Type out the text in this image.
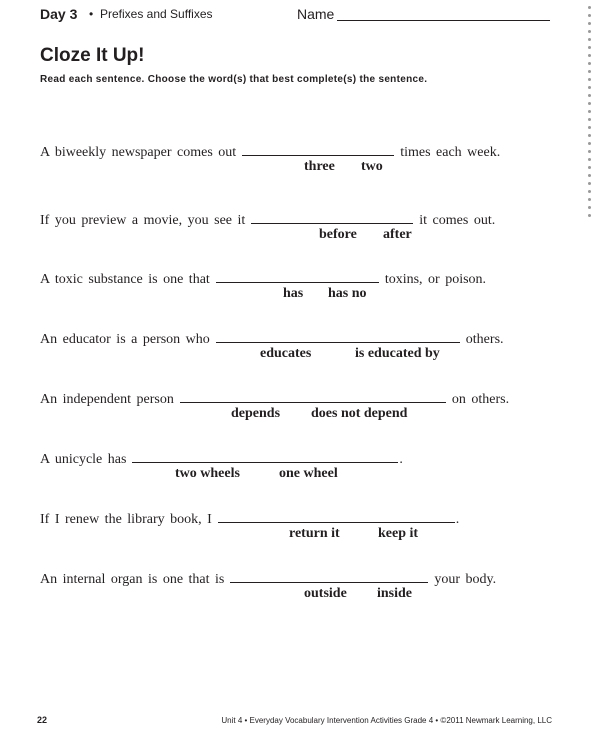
Day 3 • Prefixes and Suffixes	Name
Cloze It Up!
Read each sentence. Choose the word(s) that best complete(s) the sentence.
A biweekly newspaper comes out	times each week.
three two
If you preview a movie, you see it	it comes out.
before after
A toxic substance is one that	toxins, or poison.
has has no
An educator is a person who	others.
educates	is educated by
An independent person	on others.
depends does not depend
A unicycle has	.
two wheels	one wheel
If I renew the library book, I	.
return it	keep it
An internal organ is one that is	your body.
outside inside
22	Unit 4 • Everyday Vocabulary Intervention Activities Grade 4 • ©2011 Newmark Learning, LLC
